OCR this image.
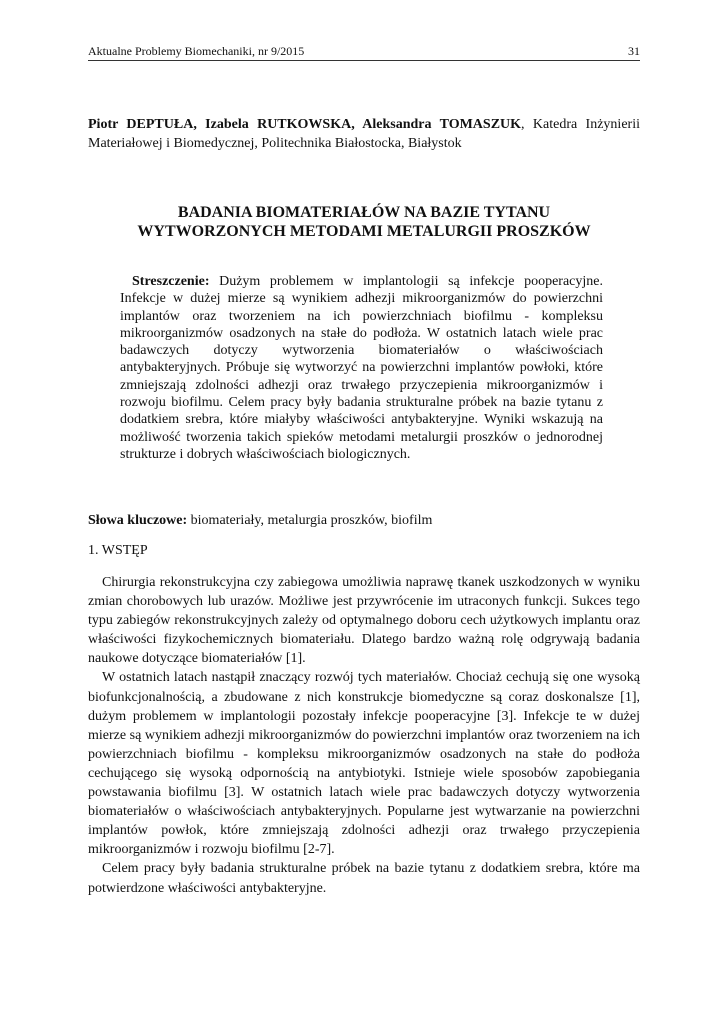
Aktualne Problemy Biomechaniki, nr 9/2015	31
Piotr DEPTUŁA, Izabela RUTKOWSKA, Aleksandra TOMASZUK, Katedra Inżynierii Materiałowej i Biomedycznej, Politechnika Białostocka, Białystok
BADANIA BIOMATERIAŁÓW NA BAZIE TYTANU
WYTWORZONYCH METODAMI METALURGII PROSZKÓW
Streszczenie: Dużym problemem w implantologii są infekcje pooperacyjne. Infekcje w dużej mierze są wynikiem adhezji mikroorganizmów do powierzchni implantów oraz tworzeniem na ich powierzchniach biofilmu - kompleksu mikroorganizmów osadzonych na stałe do podłoża. W ostatnich latach wiele prac badawczych dotyczy wytworzenia biomateriałów o właściwościach antybakteryjnych. Próbuje się wytworzyć na powierzchni implantów powłoki, które zmniejszają zdolności adhezji oraz trwałego przyczepienia mikroorganizmów i rozwoju biofilmu. Celem pracy były badania strukturalne próbek na bazie tytanu z dodatkiem srebra, które miałyby właściwości antybakteryjne. Wyniki wskazują na możliwość tworzenia takich spieków metodami metalurgii proszków o jednorodnej strukturze i dobrych właściwościach biologicznych.
Słowa kluczowe: biomateriały, metalurgia proszków, biofilm
1. WSTĘP

Chirurgia rekonstrukcyjna czy zabiegowa umożliwia naprawę tkanek uszkodzonych w wyniku zmian chorobowych lub urazów. Możliwe jest przywrócenie im utraconych funkcji. Sukces tego typu zabiegów rekonstrukcyjnych zależy od optymalnego doboru cech użytkowych implantu oraz właściwości fizykochemicznych biomateriału. Dlatego bardzo ważną rolę odgrywają badania naukowe dotyczące biomateriałów [1].

W ostatnich latach nastąpił znaczący rozwój tych materiałów. Chociaż cechują się one wysoką biofunkcjonalnością, a zbudowane z nich konstrukcje biomedyczne są coraz doskonalsze [1], dużym problemem w implantologii pozostały infekcje pooperacyjne [3]. Infekcje te w dużej mierze są wynikiem adhezji mikroorganizmów do powierzchni implantów oraz tworzeniem na ich powierzchniach biofilmu - kompleksu mikroorganizmów osadzonych na stałe do podłoża cechującego się wysoką odpornością na antybiotyki. Istnieje wiele sposobów zapobiegania powstawania biofilmu [3]. W ostatnich latach wiele prac badawczych dotyczy wytworzenia biomateriałów o właściwościach antybakteryjnych. Popularne jest wytwarzanie na powierzchni implantów powłok, które zmniejszają zdolności adhezji oraz trwałego przyczepienia mikroorganizmów i rozwoju biofilmu [2-7].

Celem pracy były badania strukturalne próbek na bazie tytanu z dodatkiem srebra, które ma potwierdzone właściwości antybakteryjne.
